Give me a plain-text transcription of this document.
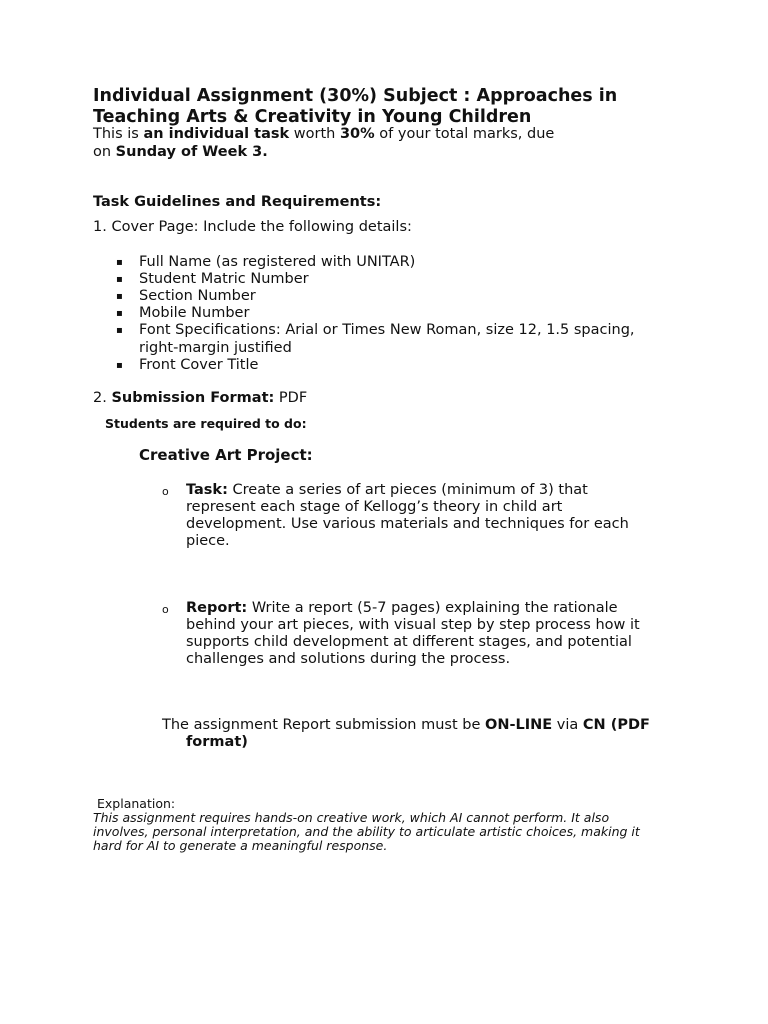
Individual Assignment (30%) Subject : Approaches in
Teaching Arts & Creativity in Young Children

This is an individual task worth 30% of your total marks, due

on Sunday of Week 3.

Task Guidelines and Requirements:

1. Cover Page: Include the following details:

▪ Full Name (as registered with UNITAR)

▪ Student Matric Number

▪ Section Number

▪ Mobile Number

▪ Font Specifications: Arial or Times New Roman, size 12, 1.5 spacing,

right-margin justified

▪ Front Cover Title

2. Submission Format: PDF

Students are required to do:

Creative Art Project:

o Task: Create a series of art pieces (minimum of 3) that

represent each stage of Kellogg’s theory in child art

development. Use various materials and techniques for each

piece.

o Report: Write a report (5-7 pages) explaining the rationale

behind your art pieces, with visual step by step process how it

supports child development at different stages, and potential

challenges and solutions during the process.

The assignment Report submission must be ON-LINE via CN (PDF

format)

Explanation:

This assignment requires hands-on creative work, which AI cannot perform. It also

involves, personal interpretation, and the ability to articulate artistic choices, making it

hard for AI to generate a meaningful response.
